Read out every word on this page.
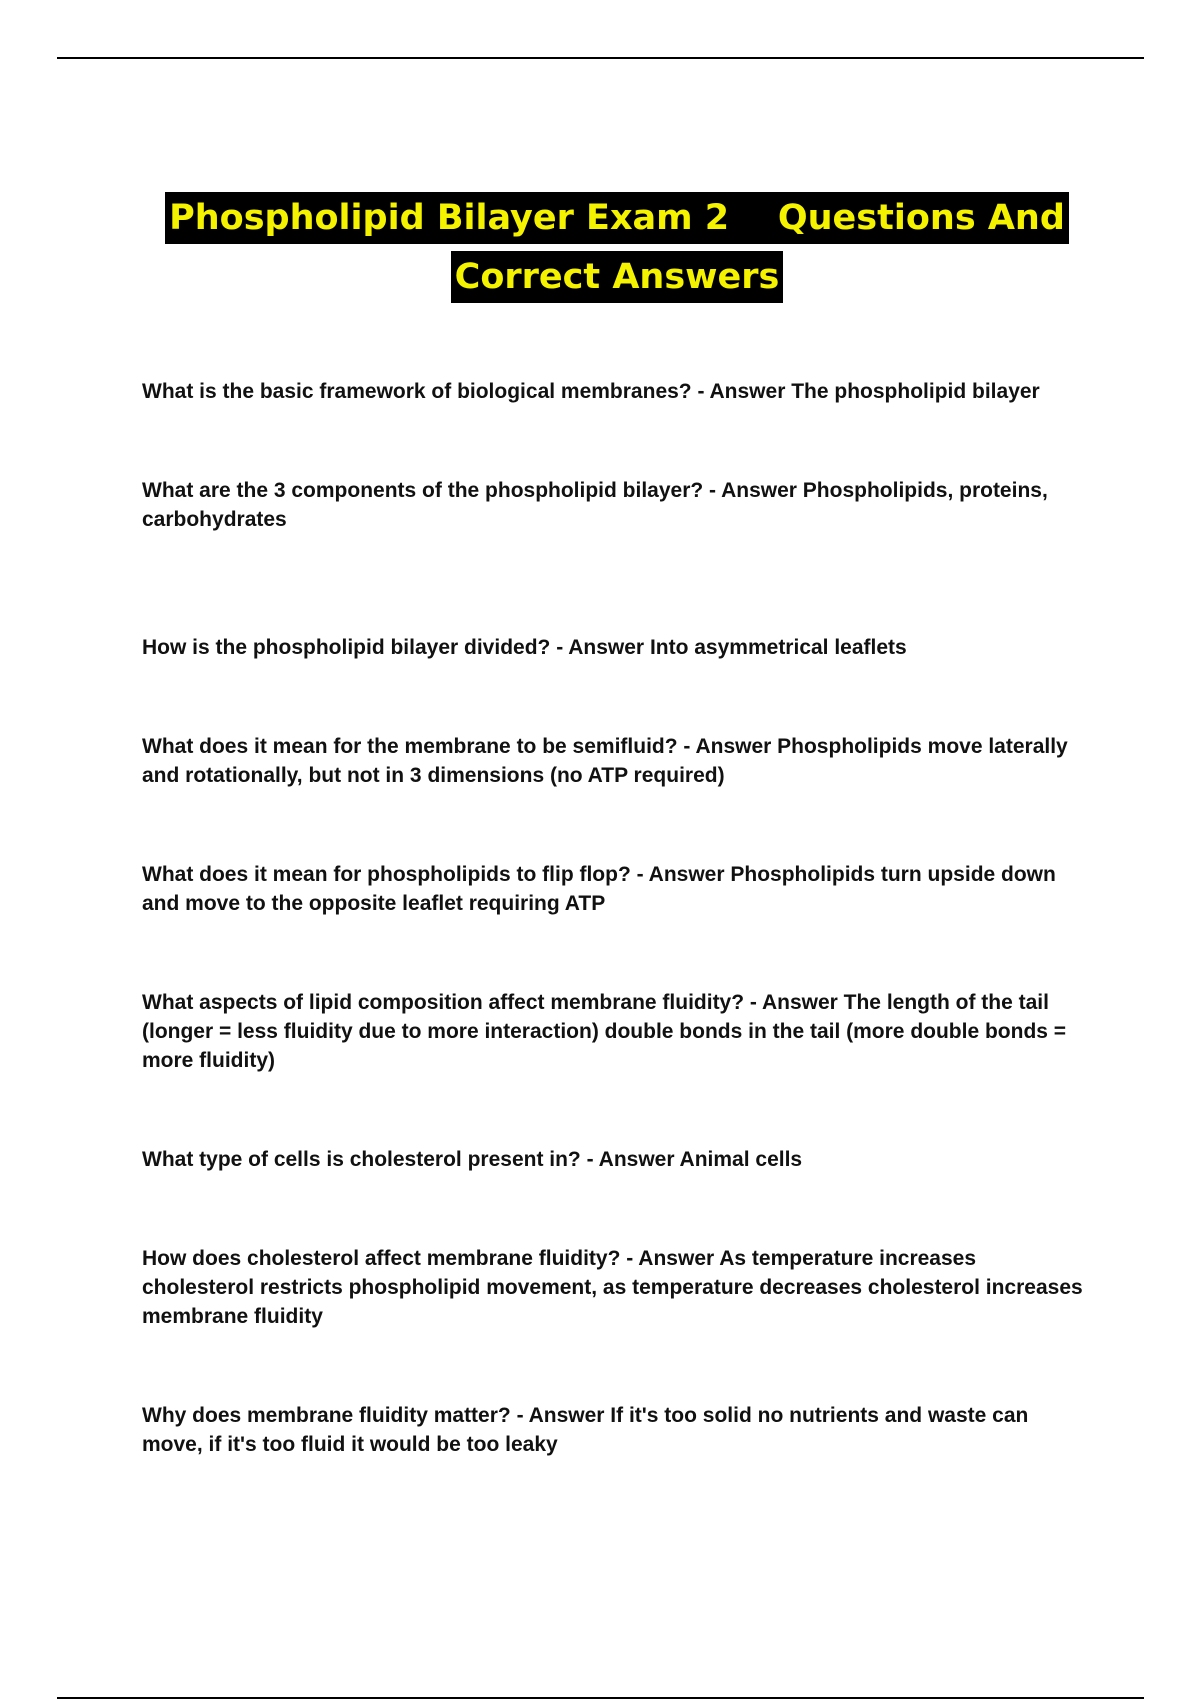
Phospholipid Bilayer Exam 2    Questions And
Correct Answers
What is the basic framework of biological membranes? - Answer The phospholipid bilayer
What are the 3 components of the phospholipid bilayer? - Answer Phospholipids, proteins, carbohydrates
How is the phospholipid bilayer divided? - Answer Into asymmetrical leaflets
What does it mean for the membrane to be semifluid? - Answer Phospholipids move laterally and rotationally, but not in 3 dimensions (no ATP required)
What does it mean for phospholipids to flip flop? - Answer Phospholipids turn upside down and move to the opposite leaflet requiring ATP
What aspects of lipid composition affect membrane fluidity? - Answer The length of the tail (longer = less fluidity due to more interaction) double bonds in the tail (more double bonds = more fluidity)
What type of cells is cholesterol present in? - Answer Animal cells
How does cholesterol affect membrane fluidity? - Answer As temperature increases cholesterol restricts phospholipid movement, as temperature decreases cholesterol increases membrane fluidity
Why does membrane fluidity matter? - Answer If it's too solid no nutrients and waste can move, if it's too fluid it would be too leaky
